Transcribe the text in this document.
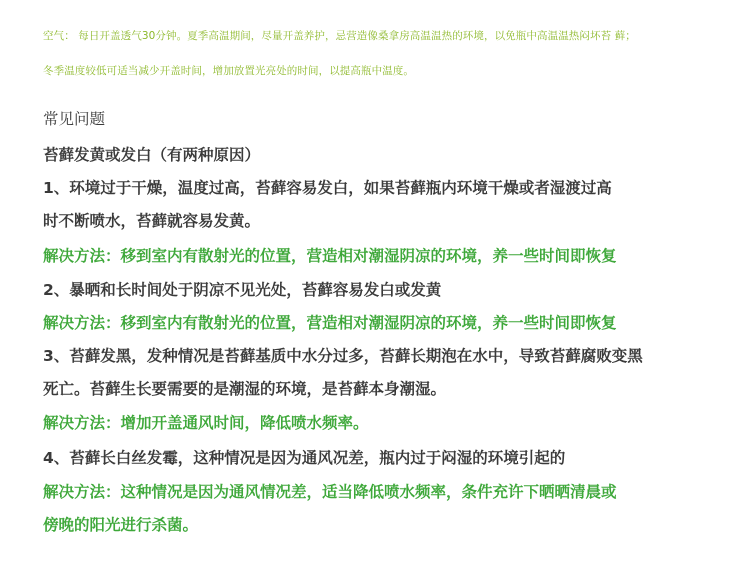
空气： 每日开盖透气30分钟。夏季高温期间，尽量开盖养护，忌营造像桑拿房高温温热的环境，以免瓶中高温温热闷坏苔 藓；
冬季温度较低可适当减少开盖时间，增加放置光亮处的时间，以提高瓶中温度。
常见问题
苔藓发黄或发白（有两种原因）
1、环境过于干燥，温度过高，苔藓容易发白，如果苔藓瓶内环境干燥或者湿渡过高
时不断喷水，苔藓就容易发黄。
解决方法：移到室内有散射光的位置，营造相对潮湿阴凉的环境，养一些时间即恢复
2、暴晒和长时间处于阴凉不见光处，苔藓容易发白或发黄
解决方法：移到室内有散射光的位置，营造相对潮湿阴凉的环境，养一些时间即恢复
3、苔藓发黑，发种情况是苔藓基质中水分过多，苔藓长期泡在水中，导致苔藓腐败变黑
死亡。苔藓生长要需要的是潮湿的环境，是苔藓本身潮湿。
解决方法：增加开盖通风时间，降低喷水频率。
4、苔藓长白丝发霉，这种情况是因为通风况差，瓶内过于闷湿的环境引起的
解决方法：这种情况是因为通风情况差，适当降低喷水频率，条件充许下晒晒清晨或
傍晚的阳光进行杀菌。
